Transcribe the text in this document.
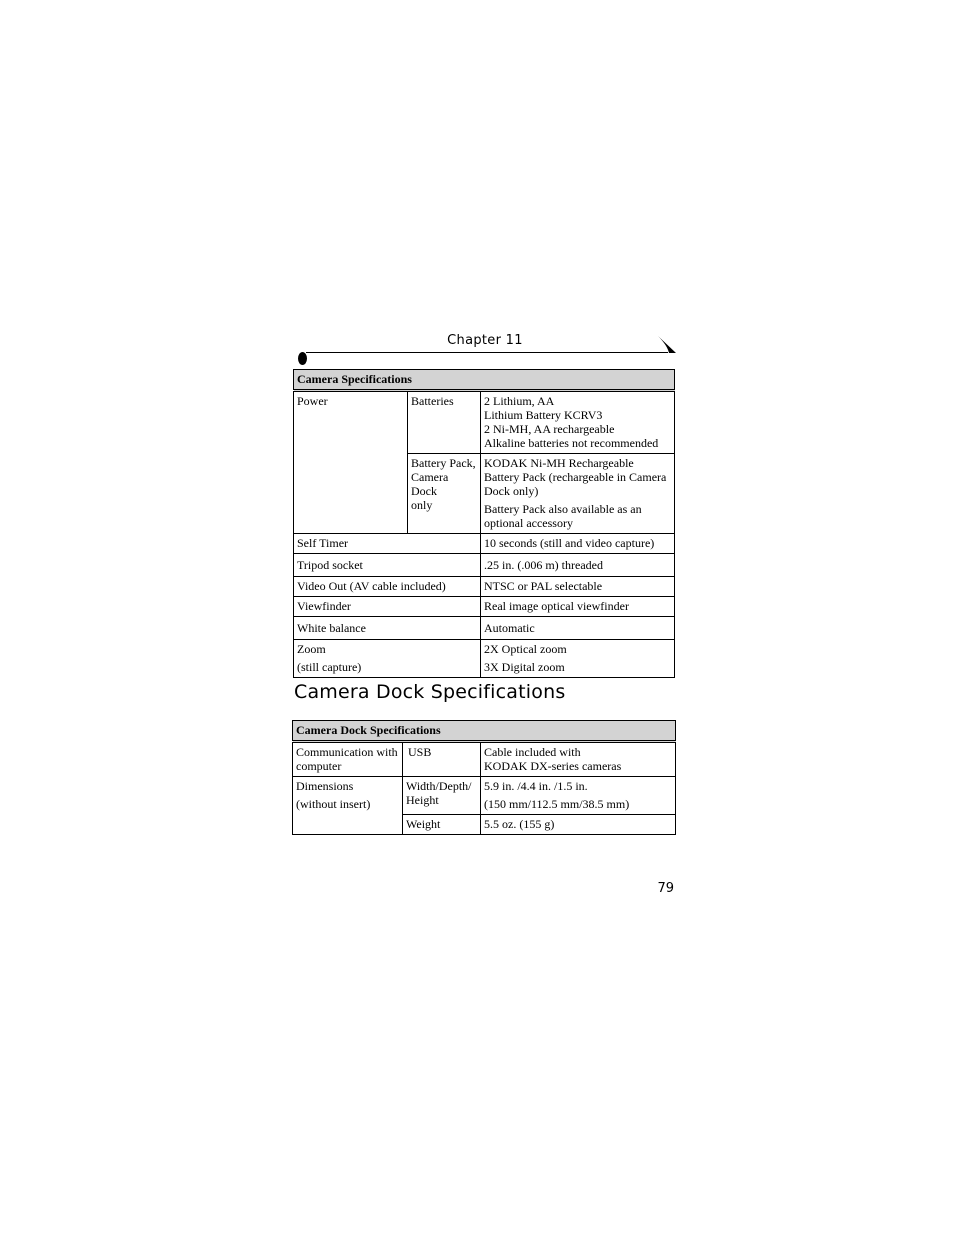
Chapter 11
Camera Specifications		
Power	Batteries	2 Lithium, AA
Lithium Battery KCRV3
2 Ni-MH, AA rechargeable
Alkaline batteries not recommended

	Battery Pack,
Camera Dock
only	KODAK Ni-MH Rechargeable
Battery Pack (rechargeable in Camera
Dock only)
Battery Pack also available as an
optional accessory

Self Timer		10 seconds (still and video capture)
Tripod socket		.25 in. (.006 m) threaded
Video Out (AV cable included)		NTSC or PAL selectable
Viewfinder		Real image optical viewfinder
White balance		Automatic

Zoom
(still capture)		2X Optical zoom
3X Digital zoom
Camera Dock Specifications
Camera Dock Specifications		

Communication with
computer	USB	Cable included with
KODAK DX-series cameras

Dimensions
(without insert)	Width/Depth/
Height	5.9 in. /4.4 in. /1.5 in.
(150 mm/112.5 mm/38.5 mm)

	Weight	5.5 oz. (155 g)
79
